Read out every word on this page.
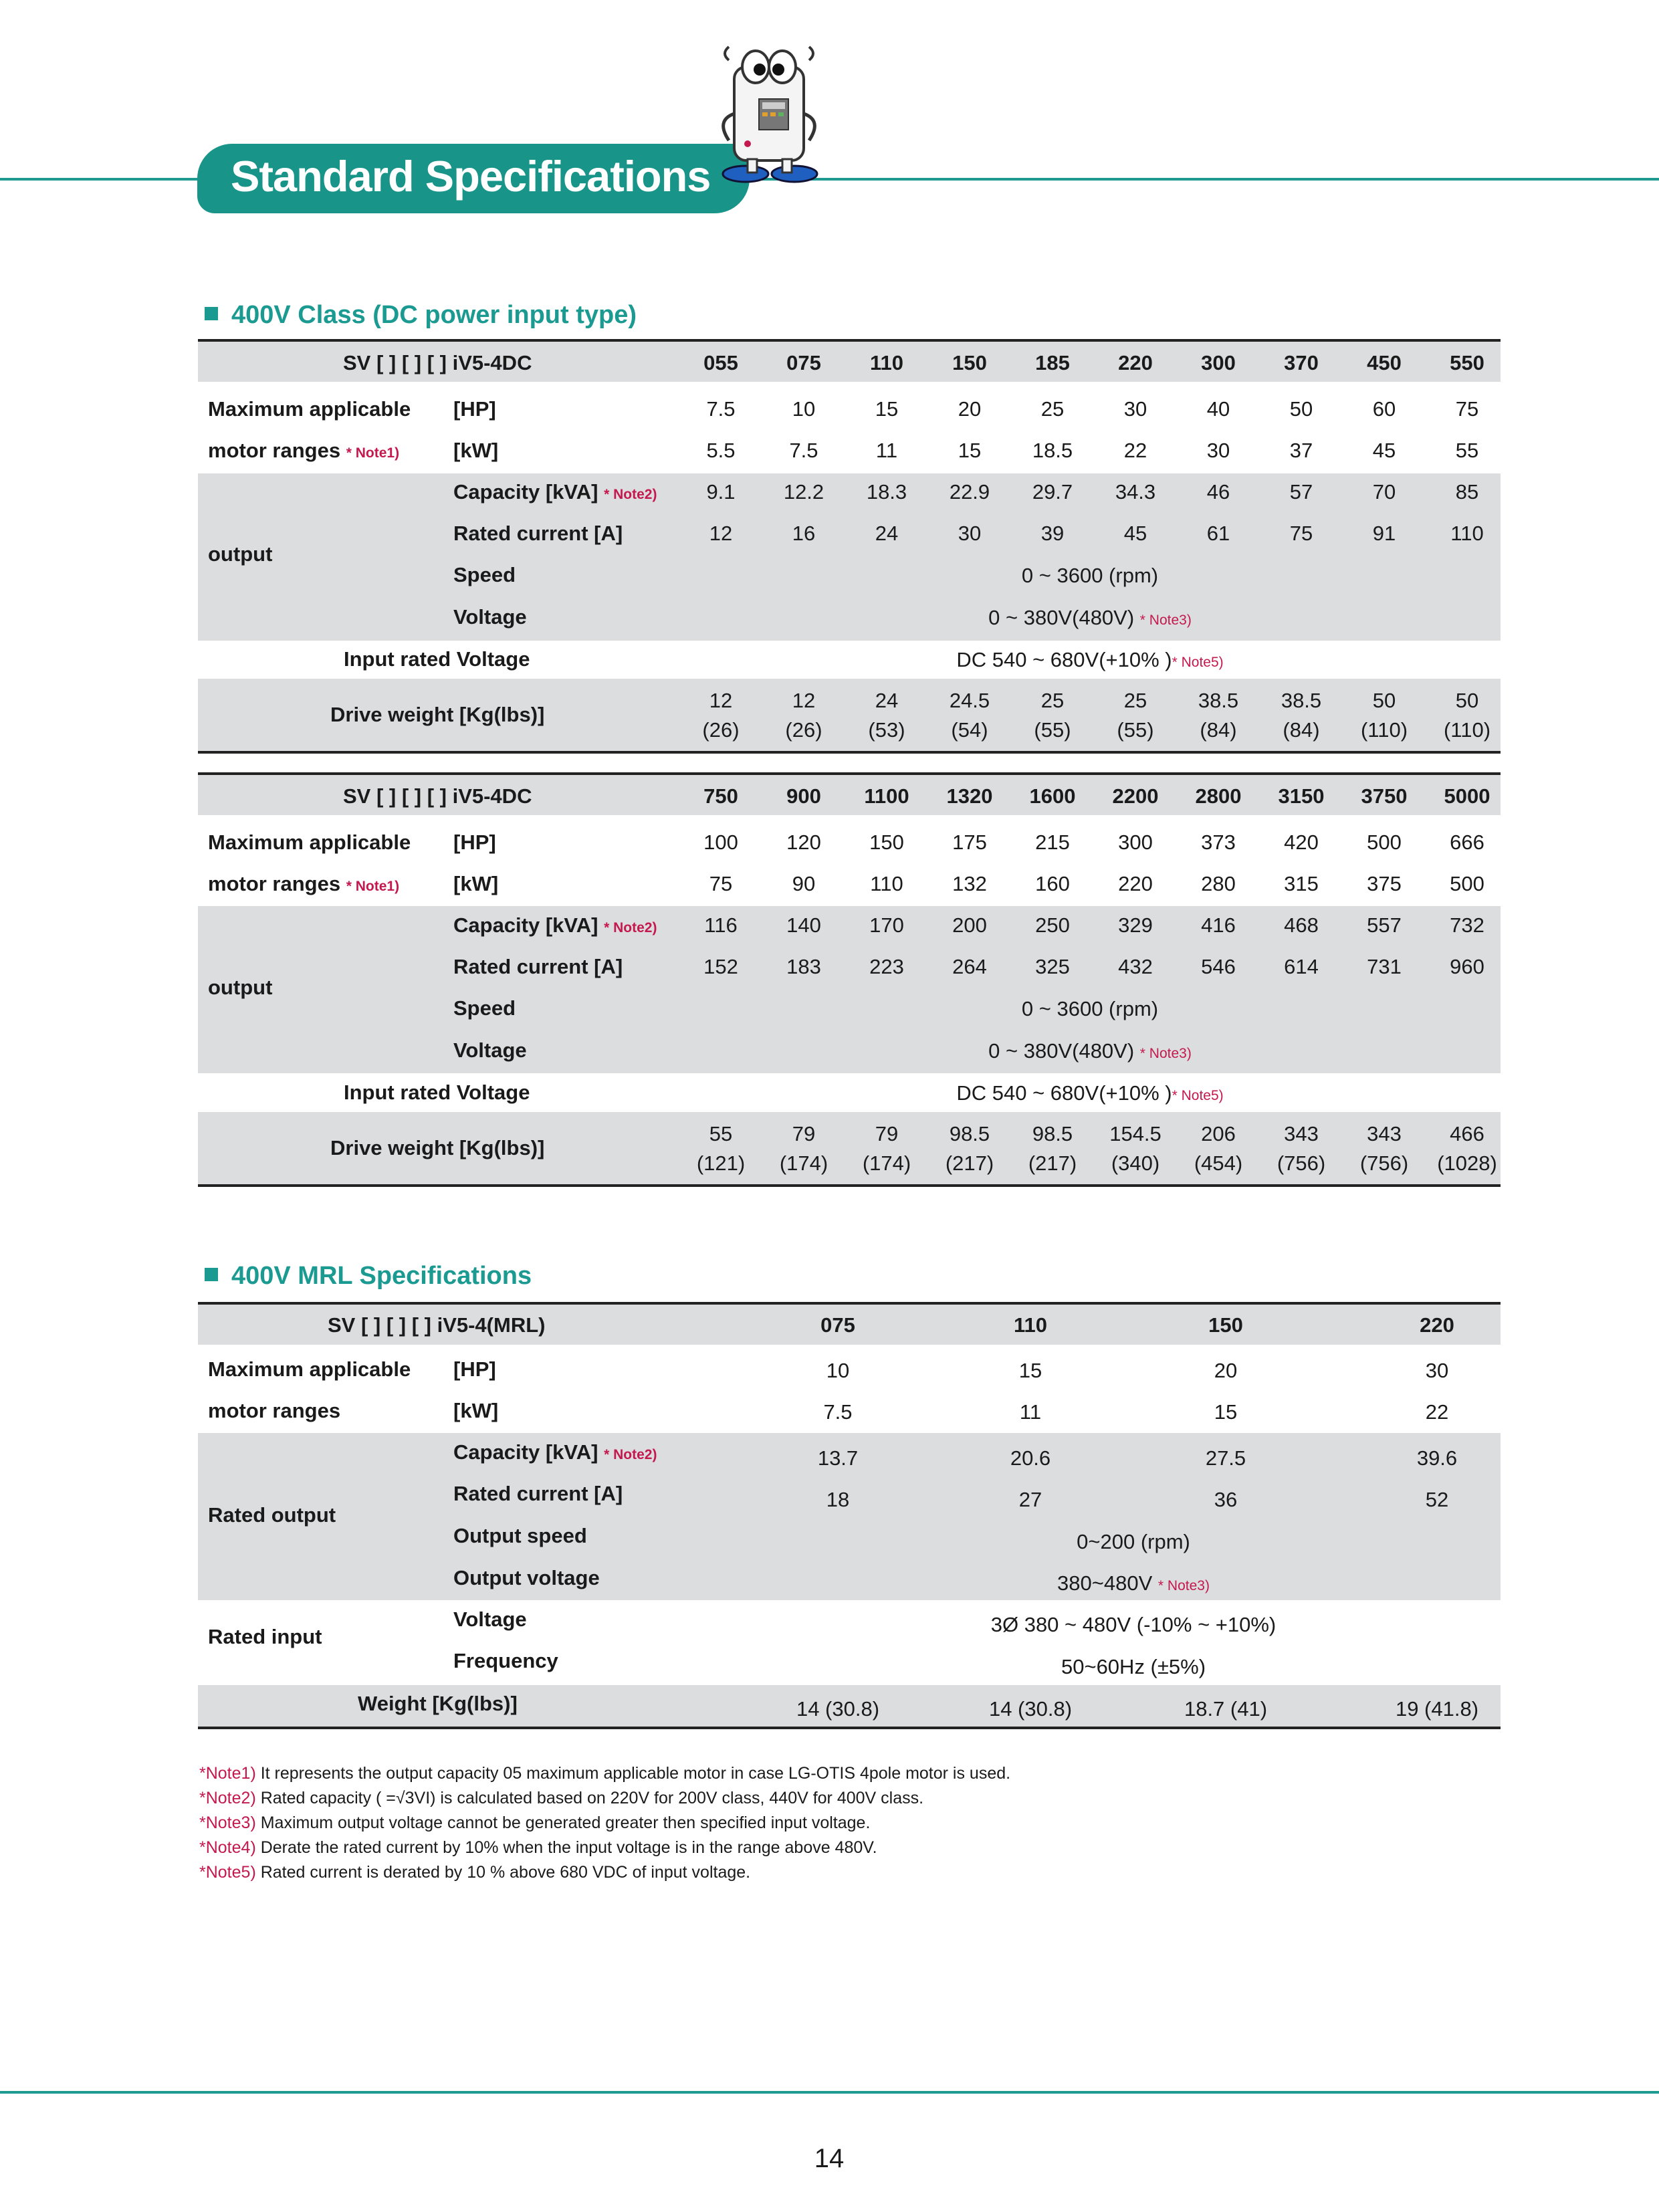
Standard Specifications
400V Class (DC power input type)
SV [ ] [ ] [ ] iV5-4DC
Maximum applicable
motor ranges * Note1)
[HP]
[kW]
output
Capacity [kVA] * Note2)
Rated current [A]
Speed
Voltage
Input rated Voltage
Drive weight [Kg(lbs)]
0 ~ 3600 (rpm)
0 ~ 380V(480V) * Note3)
DC 540 ~ 680V(+10% )* Note5)
055
7.5
5.5
9.1
12
12
(26)
075
10
7.5
12.2
16
12
(26)
110
15
11
18.3
24
24
(53)
150
20
15
22.9
30
24.5
(54)
185
25
18.5
29.7
39
25
(55)
220
30
22
34.3
45
25
(55)
300
40
30
46
61
38.5
(84)
370
50
37
57
75
38.5
(84)
450
60
45
70
91
50
(110)
550
75
55
85
110
50
(110)
SV [ ] [ ] [ ] iV5-4DC
Maximum applicable
motor ranges * Note1)
[HP]
[kW]
output
Capacity [kVA] * Note2)
Rated current [A]
Speed
Voltage
Input rated Voltage
Drive weight [Kg(lbs)]
0 ~ 3600 (rpm)
0 ~ 380V(480V) * Note3)
DC 540 ~ 680V(+10% )* Note5)
750
100
75
116
152
55
(121)
900
120
90
140
183
79
(174)
1100
150
110
170
223
79
(174)
1320
175
132
200
264
98.5
(217)
1600
215
160
250
325
98.5
(217)
2200
300
220
329
432
154.5
(340)
2800
373
280
416
546
206
(454)
3150
420
315
468
614
343
(756)
3750
500
375
557
731
343
(756)
5000
666
500
732
960
466
(1028)
400V MRL Specifications
SV [ ] [ ] [ ] iV5-4(MRL)
Maximum applicable
motor ranges
[HP]
[kW]
Rated output
Capacity [kVA] * Note2)
Rated current [A]
Output speed
Output voltage
Rated input
Voltage
Frequency
Weight [Kg(lbs)]
0~200 (rpm)
380~480V * Note3)
3Ø 380 ~ 480V (-10% ~ +10%)
50~60Hz (±5%)
075
10
7.5
13.7
18
14 (30.8)
110
15
11
20.6
27
14 (30.8)
150
20
15
27.5
36
18.7 (41)
220
30
22
39.6
52
19 (41.8)
*Note1) It represents the output capacity 05 maximum applicable motor in case LG-OTIS 4pole motor is used.
*Note2) Rated capacity ( =√3VI) is calculated based on 220V for 200V class, 440V for 400V class.
*Note3) Maximum output voltage cannot be generated greater then specified input voltage.
*Note4) Derate the rated current by 10% when the input voltage is in the range above 480V.
*Note5) Rated current is derated by 10 % above 680 VDC of input voltage.
14
